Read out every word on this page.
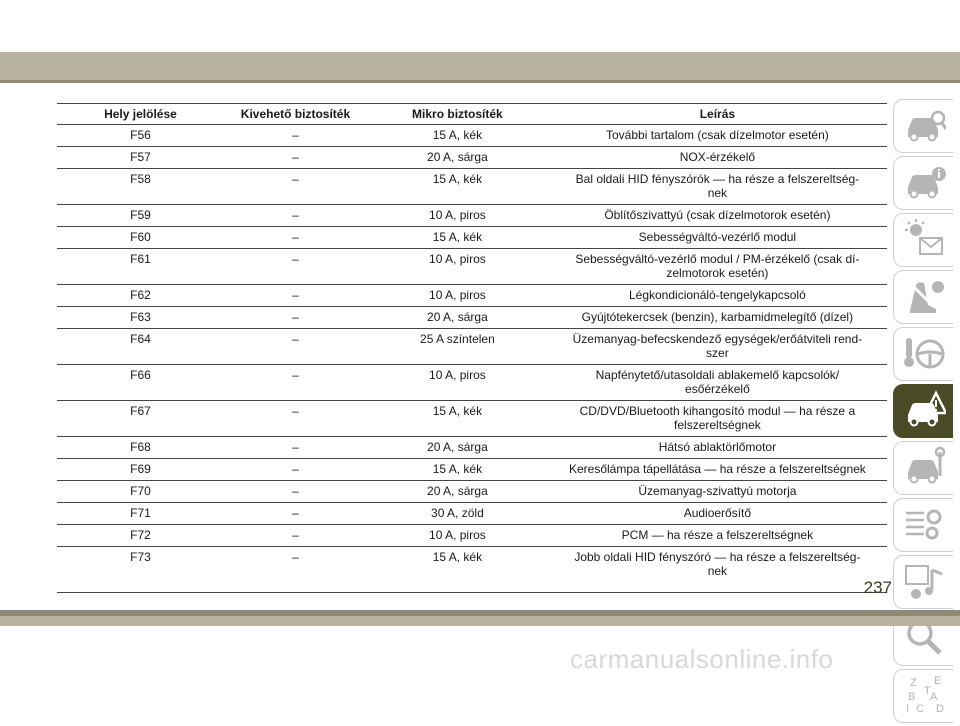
Hely jelölése	Kivehető biztosíték	Mikro biztosíték	Leírás
F56	–	15 A, kék	További tartalom (csak dízelmotor esetén)
F57	–	20 A, sárga	NOX-érzékelő
F58	–	15 A, kék	Bal oldali HID fényszórók — ha része a felszereltség-
nek
F59	–	10 A, piros	Öblítőszivattyú (csak dízelmotorok esetén)
F60	–	15 A, kék	Sebességváltó-vezérlő modul
F61	–	10 A, piros	Sebességváltó-vezérlő modul / PM-érzékelő (csak dí-
zelmotorok esetén)
F62	–	10 A, piros	Légkondicionáló-tengelykapcsoló
F63	–	20 A, sárga	Gyújtótekercsek (benzin), karbamidmelegítő (dízel)
F64	–	25 A színtelen	Üzemanyag-befecskendező egységek/erőátviteli rend-
szer
F66	–	10 A, piros	Napfénytető/utasoldali ablakemelő kapcsolók/
esőérzékelő
F67	–	15 A, kék	CD/DVD/Bluetooth kihangosító modul — ha része a
felszereltségnek
F68	–	20 A, sárga	Hátsó ablaktörlőmotor
F69	–	15 A, kék	Keresőlámpa tápellátása — ha része a felszereltségnek
F70	–	20 A, sárga	Üzemanyag-szivattyú motorja
F71	–	30 A, zöld	Audioerősítő
F72	–	10 A, piros	PCM — ha része a felszereltségnek
F73	–	15 A, kék	Jobb oldali HID fényszóró — ha része a felszereltség-
nek
Z E
B A
C D
I
T
237
carmanualsonline.info
